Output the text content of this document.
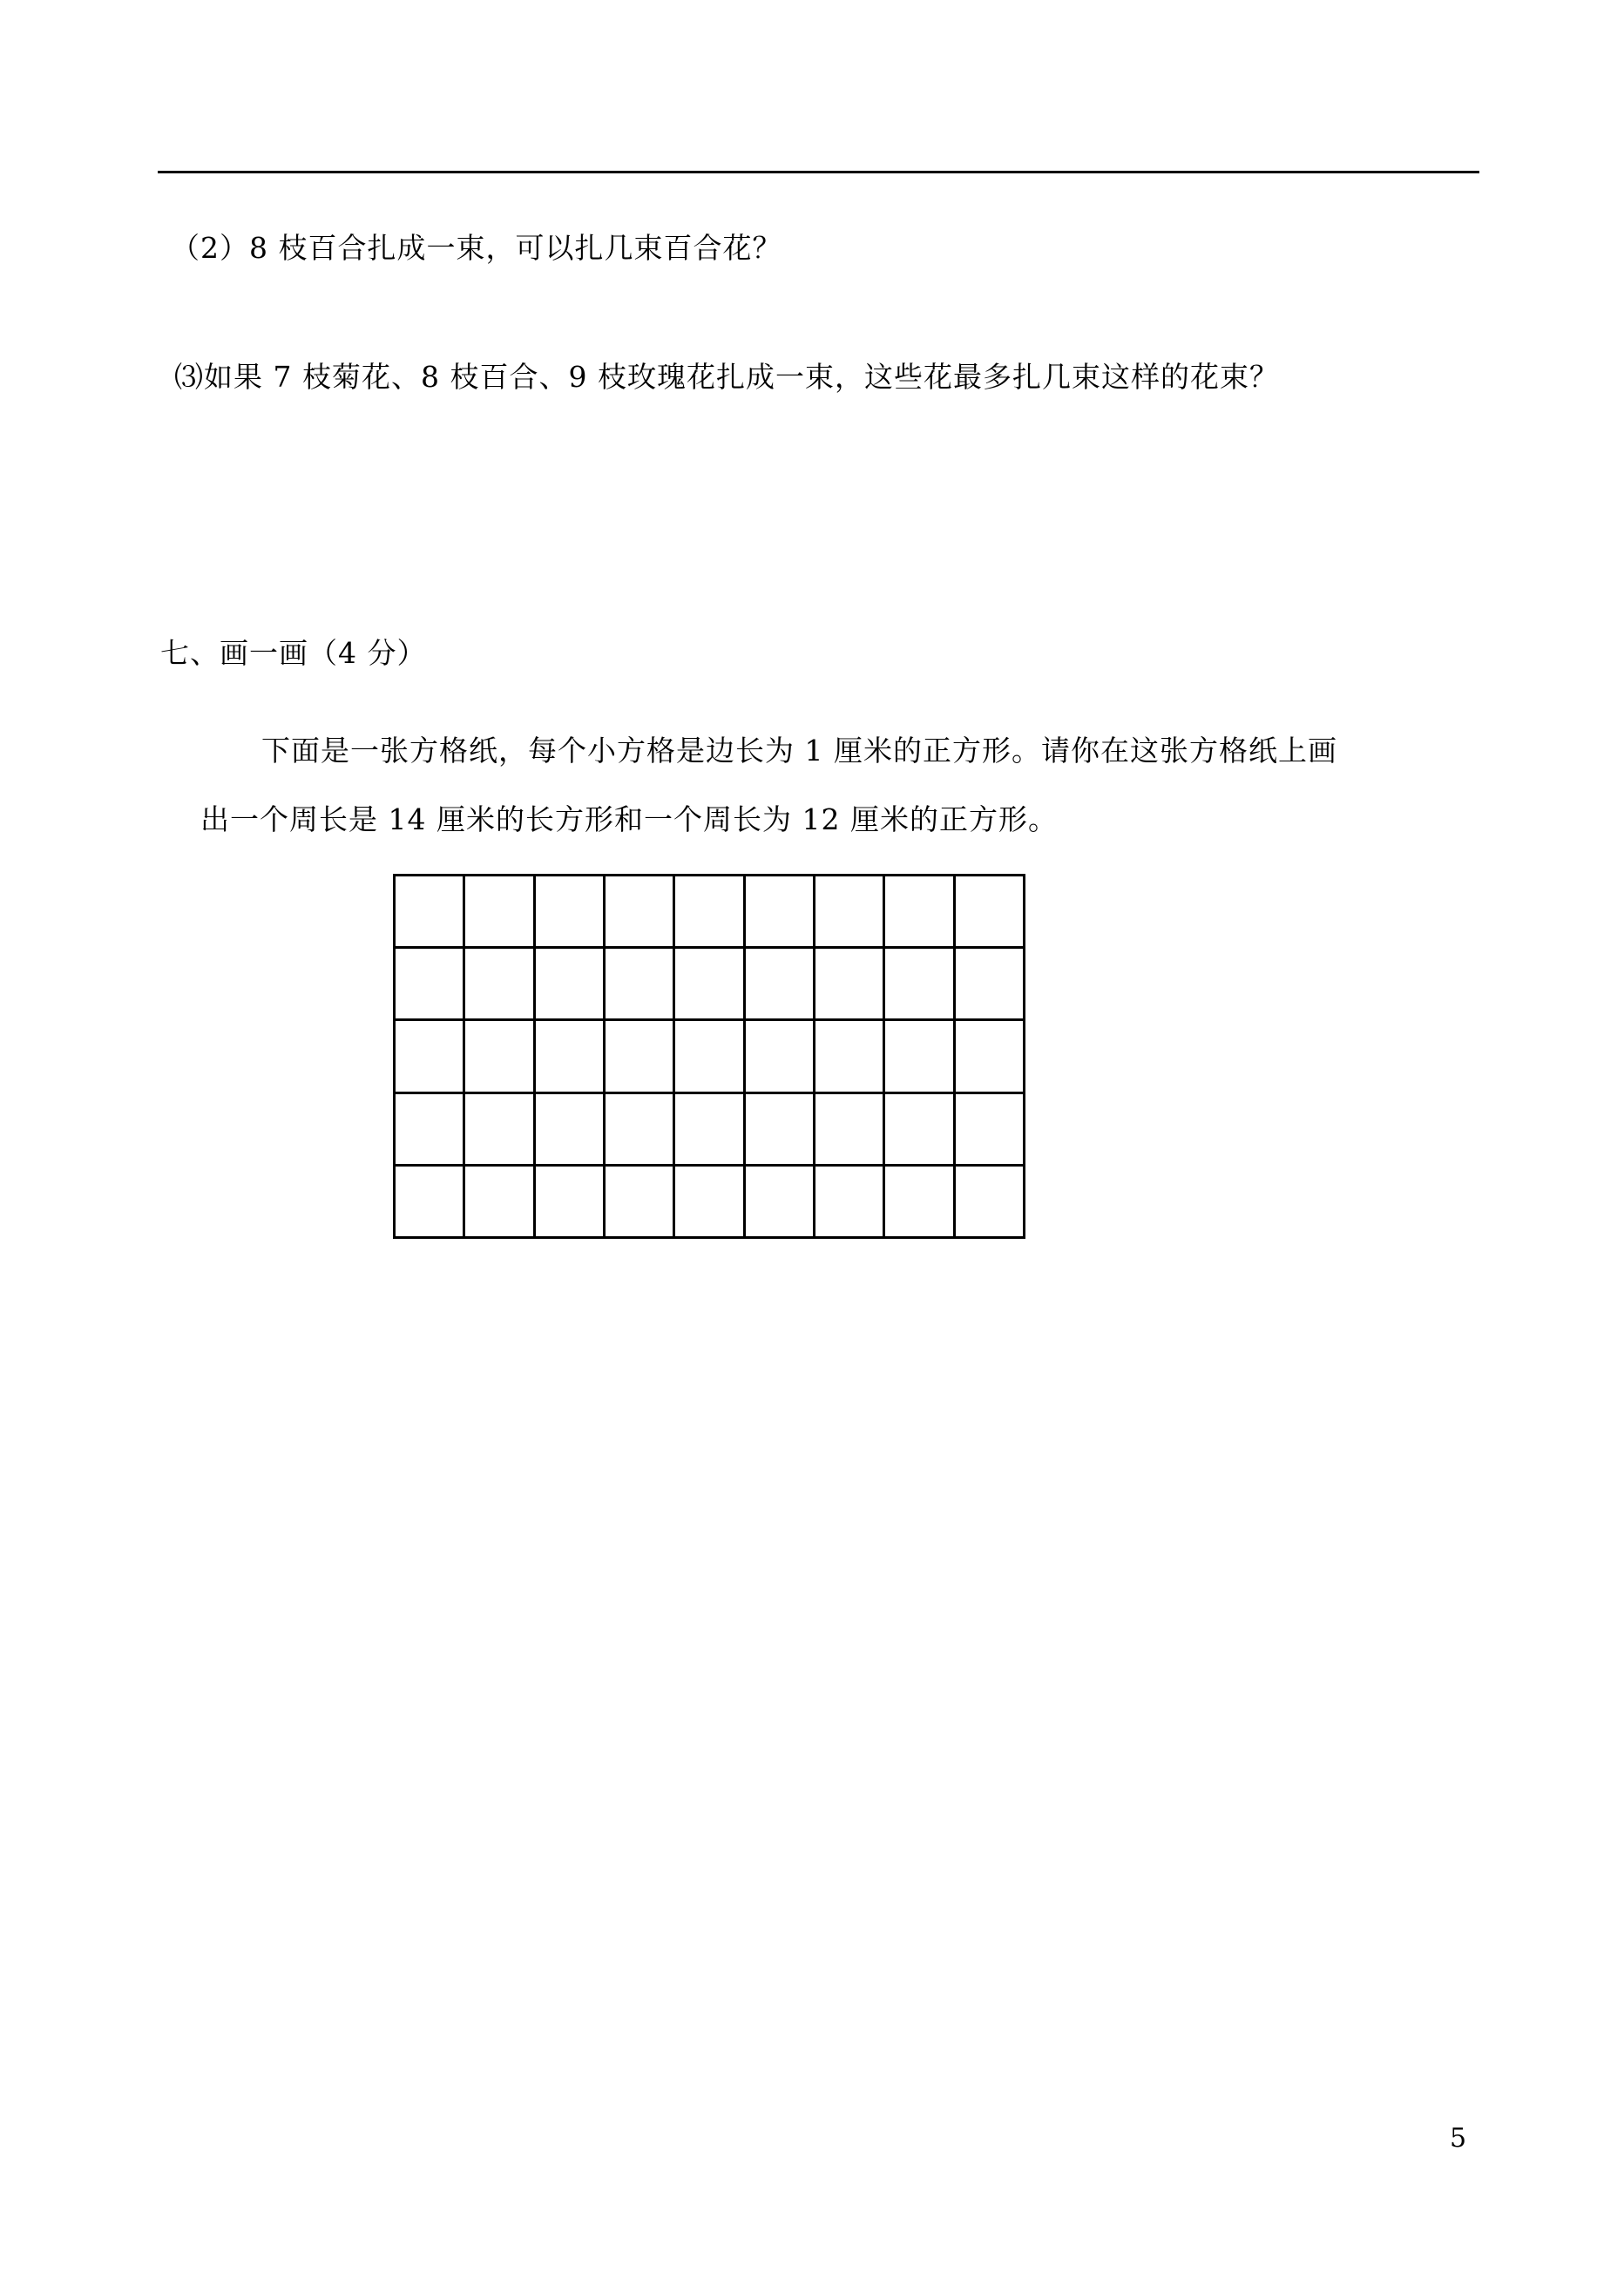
（2）8 枝百合扎成一束，可以扎几束百合花？
⑶如果 7 枝菊花、8 枝百合、9 枝玫瑰花扎成一束，这些花最多扎几束这样的花束？
七、画一画（4 分）
下面是一张方格纸，每个小方格是边长为 1 厘米的正方形。请你在这张方格纸上画
出一个周长是 14 厘米的长方形和一个周长为 12 厘米的正方形。
5
